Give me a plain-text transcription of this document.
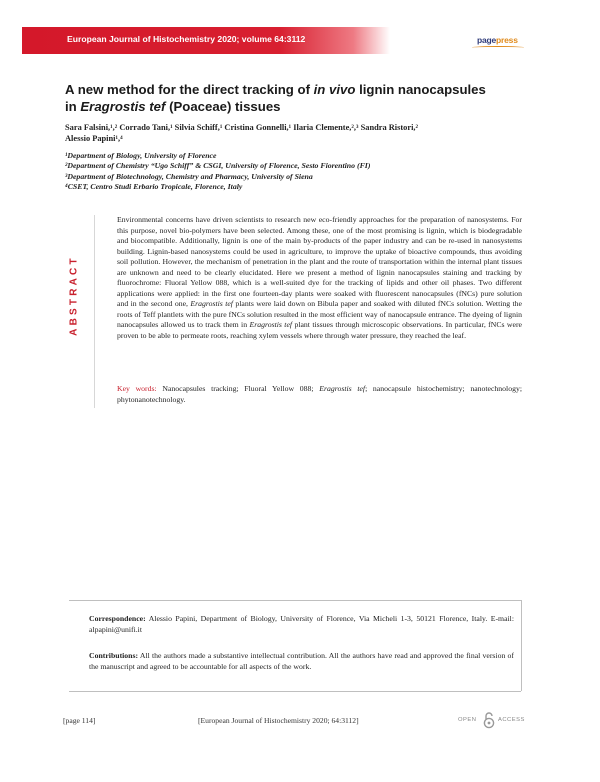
European Journal of Histochemistry 2020; volume 64:3112	pagepress
A new method for the direct tracking of in vivo lignin nanocapsules
in Eragrostis tef (Poaceae) tissues
Sara Falsini,¹,² Corrado Tani,¹ Silvia Schiff,¹ Cristina Gonnelli,¹ Ilaria Clemente,²,³ Sandra Ristori,²
Alessio Papini¹,⁴
¹Department of Biology, University of Florence
²Department of Chemistry “Ugo Schiff” & CSGI, University of Florence, Sesto Fiorentino (FI)
³Department of Biotechnology, Chemistry and Pharmacy, University of Siena
⁴CSET, Centro Studi Erbario Tropicale, Florence, Italy
ABSTRACT
Environmental concerns have driven scientists to research new eco-friendly approaches for the preparation of nanosystems. For this purpose, novel bio-polymers have been selected. Among these, one of the most promising is lignin, which is biodegradable and biocompatible. Additionally, lignin is one of the main by-products of the paper industry and can be re-used in nanosystems building. Lignin-based nanosystems could be used in agriculture, to improve the uptake of bioactive compounds, thus avoiding soil pollution. However, the mechanism of penetration in the plant and the route of transportation within the internal plant tissues are unknown and need to be clearly elucidated. Here we present a method of lignin nanocapsules staining and tracking by fluorochrome: Fluoral Yellow 088, which is a well-suited dye for the tracking of lipids and other oil phases. Two different applications were applied: in the first one fourteen-day plants were soaked with fluorescent nanocapsules (fNCs) pure solution and in the second one, Eragrostis tef plants were laid down on Bibula paper and soaked with diluted fNCs solution. Wetting the roots of Teff plantlets with the pure fNCs solution resulted in the most efficient way of nanocapsule entrance. The dyeing of lignin nanocapsules allowed us to track them in Eragrostis tef plant tissues through microscopic observations. In particular, fNCs were proven to be able to permeate roots, reaching xylem vessels where through water pressure, they reached the leaf.
Key words: Nanocapsules tracking; Fluoral Yellow 088; Eragrostis tef; nanocapsule histochemistry; nanotechnology; phytonanotechnology.
Correspondence: Alessio Papini, Department of Biology, University of Florence, Via Micheli 1-3, 50121 Florence, Italy. E-mail: alpapini@unifi.it
Contributions: All the authors made a substantive intellectual contribution. All the authors have read and approved the final version of the manuscript and agreed to be accountable for all aspects of the work.
[page 114]	[European Journal of Histochemistry 2020; 64:3112]	OPEN	ACCESS
